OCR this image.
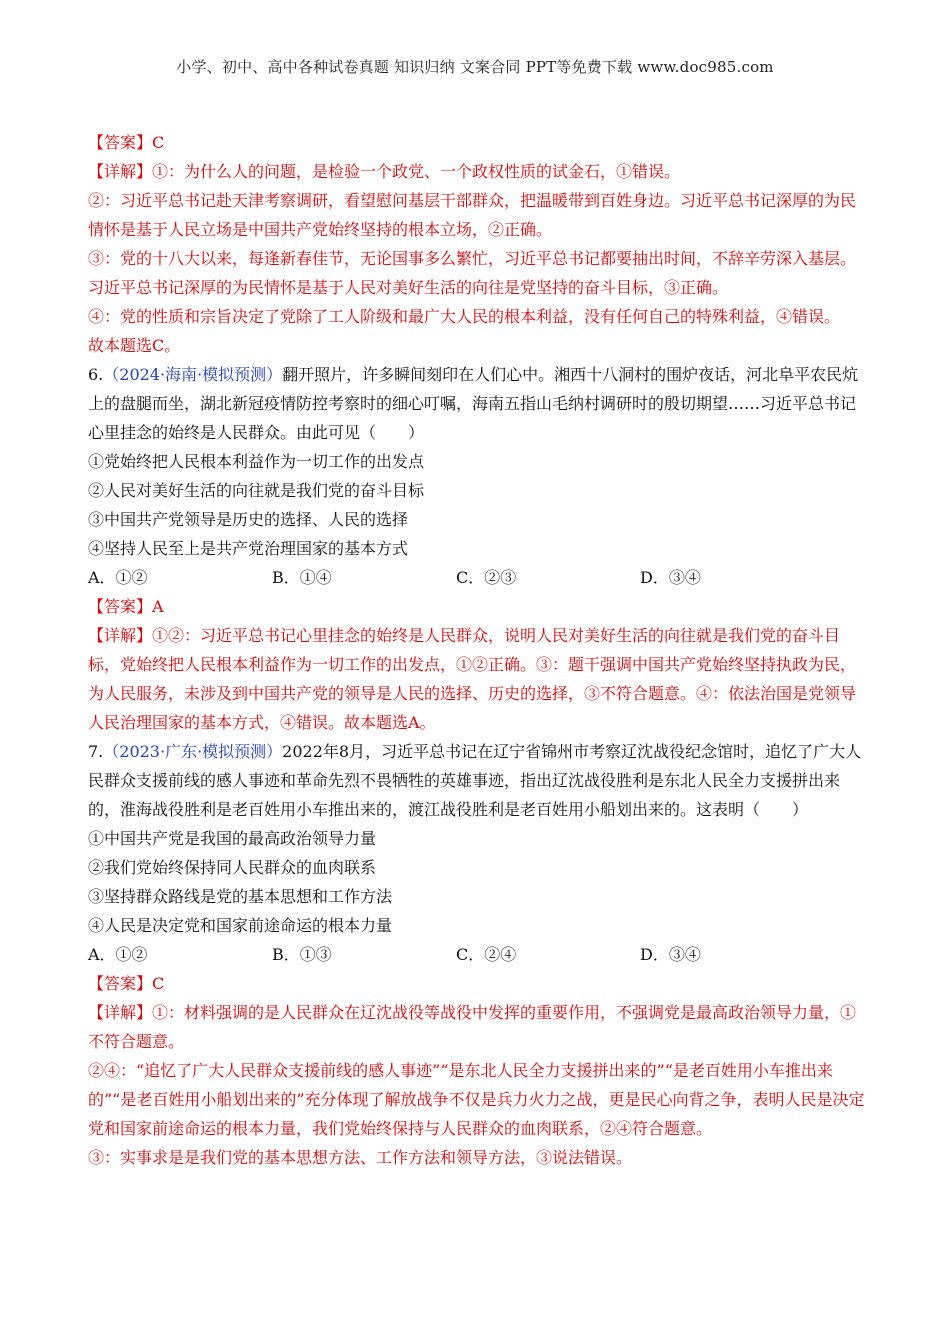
小学、初中、高中各种试卷真题 知识归纳 文案合同 PPT等免费下载 www.doc985.com

【答案】C

【详解】①：为什么人的问题，是检验一个政党、一个政权性质的试金石，①错误。

②：习近平总书记赴天津考察调研，看望慰问基层干部群众，把温暖带到百姓身边。习近平总书记深厚的为民情怀是基于人民立场是中国共产党始终坚持的根本立场，②正确。

③：党的十八大以来，每逢新春佳节，无论国事多么繁忙，习近平总书记都要抽出时间，不辞辛劳深入基层。习近平总书记深厚的为民情怀是基于人民对美好生活的向往是党坚持的奋斗目标，③正确。

④：党的性质和宗旨决定了党除了工人阶级和最广大人民的根本利益，没有任何自己的特殊利益，④错误。

故本题选C。

6.（2024·海南·模拟预测）翻开照片，许多瞬间刻印在人们心中。湘西十八洞村的围炉夜话，河北阜平农民炕上的盘腿而坐，湖北新冠疫情防控考察时的细心叮嘱，海南五指山毛纳村调研时的殷切期望……习近平总书记心里挂念的始终是人民群众。由此可见（　　）

①党始终把人民根本利益作为一切工作的出发点

②人民对美好生活的向往就是我们党的奋斗目标

③中国共产党领导是历史的选择、人民的选择

④坚持人民至上是共产党治理国家的基本方式

A．①②	B．①④	C．②③	D．③④

【答案】A

【详解】①②：习近平总书记心里挂念的始终是人民群众，说明人民对美好生活的向往就是我们党的奋斗目标，党始终把人民根本利益作为一切工作的出发点，①②正确。③：题干强调中国共产党始终坚持执政为民，为人民服务，未涉及到中国共产党的领导是人民的选择、历史的选择，③不符合题意。④：依法治国是党领导人民治理国家的基本方式，④错误。故本题选A。

7.（2023·广东·模拟预测）2022年8月，习近平总书记在辽宁省锦州市考察辽沈战役纪念馆时，追忆了广大人民群众支援前线的感人事迹和革命先烈不畏牺牲的英雄事迹，指出辽沈战役胜利是东北人民全力支援拼出来的，淮海战役胜利是老百姓用小车推出来的，渡江战役胜利是老百姓用小船划出来的。这表明（　　）

①中国共产党是我国的最高政治领导力量

②我们党始终保持同人民群众的血肉联系

③坚持群众路线是党的基本思想和工作方法

④人民是决定党和国家前途命运的根本力量

A．①②	B．①③	C．②④	D．③④

【答案】C

【详解】①：材料强调的是人民群众在辽沈战役等战役中发挥的重要作用，不强调党是最高政治领导力量，①不符合题意。

②④：“追忆了广大人民群众支援前线的感人事迹”“是东北人民全力支援拼出来的”“是老百姓用小车推出来的”“是老百姓用小船划出来的”充分体现了解放战争不仅是兵力火力之战，更是民心向背之争，表明人民是决定党和国家前途命运的根本力量，我们党始终保持与人民群众的血肉联系，②④符合题意。

③：实事求是是我们党的基本思想方法、工作方法和领导方法，③说法错误。
